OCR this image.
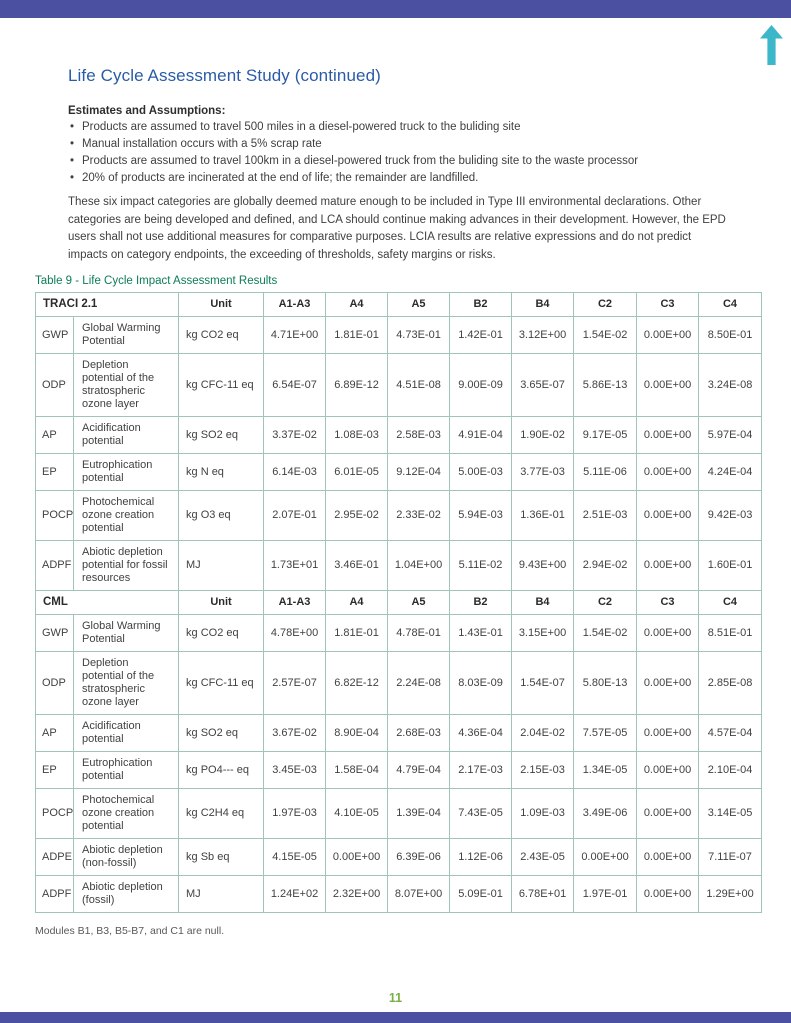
Life Cycle Assessment Study (continued)
Estimates and Assumptions:
• Products are assumed to travel 500 miles in a diesel-powered truck to the buliding site
• Manual installation occurs with a 5% scrap rate
• Products are assumed to travel 100km in a diesel-powered truck from the buliding site to the waste processor
• 20% of products are incinerated at the end of life; the remainder are landfilled.

These six impact categories are globally deemed mature enough to be included in Type III environmental declarations. Other categories are being developed and defined, and LCA should continue making advances in their development. However, the EPD users shall not use additional measures for comparative purposes. LCIA results are relative expressions and do not predict impacts on category endpoints, the exceeding of thresholds, safety margins or risks.

Table 9 - Life Cycle Impact Assessment Results
TRACI 2.1		Unit	A1-A3	A4	A5	B2	B4	C2	C3	C4
GWP	Global Warming Potential	kg CO2 eq	4.71E+00	1.81E-01	4.73E-01	1.42E-01	3.12E+00	1.54E-02	0.00E+00	8.50E-01
ODP	Depletion potential of the stratospheric ozone layer	kg CFC-11 eq	6.54E-07	6.89E-12	4.51E-08	9.00E-09	3.65E-07	5.86E-13	0.00E+00	3.24E-08
AP	Acidification potential	kg SO2 eq	3.37E-02	1.08E-03	2.58E-03	4.91E-04	1.90E-02	9.17E-05	0.00E+00	5.97E-04
EP	Eutrophication potential	kg N eq	6.14E-03	6.01E-05	9.12E-04	5.00E-03	3.77E-03	5.11E-06	0.00E+00	4.24E-04
POCP	Photochemical ozone creation potential	kg O3 eq	2.07E-01	2.95E-02	2.33E-02	5.94E-03	1.36E-01	2.51E-03	0.00E+00	9.42E-03
ADPF	Abiotic depletion potential for fossil resources	MJ	1.73E+01	3.46E-01	1.04E+00	5.11E-02	9.43E+00	2.94E-02	0.00E+00	1.60E-01
CML		Unit	A1-A3	A4	A5	B2	B4	C2	C3	C4
GWP	Global Warming Potential	kg CO2 eq	4.78E+00	1.81E-01	4.78E-01	1.43E-01	3.15E+00	1.54E-02	0.00E+00	8.51E-01
ODP	Depletion potential of the stratospheric ozone layer	kg CFC-11 eq	2.57E-07	6.82E-12	2.24E-08	8.03E-09	1.54E-07	5.80E-13	0.00E+00	2.85E-08
AP	Acidification potential	kg SO2 eq	3.67E-02	8.90E-04	2.68E-03	4.36E-04	2.04E-02	7.57E-05	0.00E+00	4.57E-04
EP	Eutrophication potential	kg PO4--- eq	3.45E-03	1.58E-04	4.79E-04	2.17E-03	2.15E-03	1.34E-05	0.00E+00	2.10E-04
POCP	Photochemical ozone creation potential	kg C2H4 eq	1.97E-03	4.10E-05	1.39E-04	7.43E-05	1.09E-03	3.49E-06	0.00E+00	3.14E-05
ADPE	Abiotic depletion (non-fossil)	kg Sb eq	4.15E-05	0.00E+00	6.39E-06	1.12E-06	2.43E-05	0.00E+00	0.00E+00	7.11E-07
ADPF	Abiotic depletion (fossil)	MJ	1.24E+02	2.32E+00	8.07E+00	5.09E-01	6.78E+01	1.97E-01	0.00E+00	1.29E+00
Modules B1, B3, B5-B7, and C1 are null.
11
